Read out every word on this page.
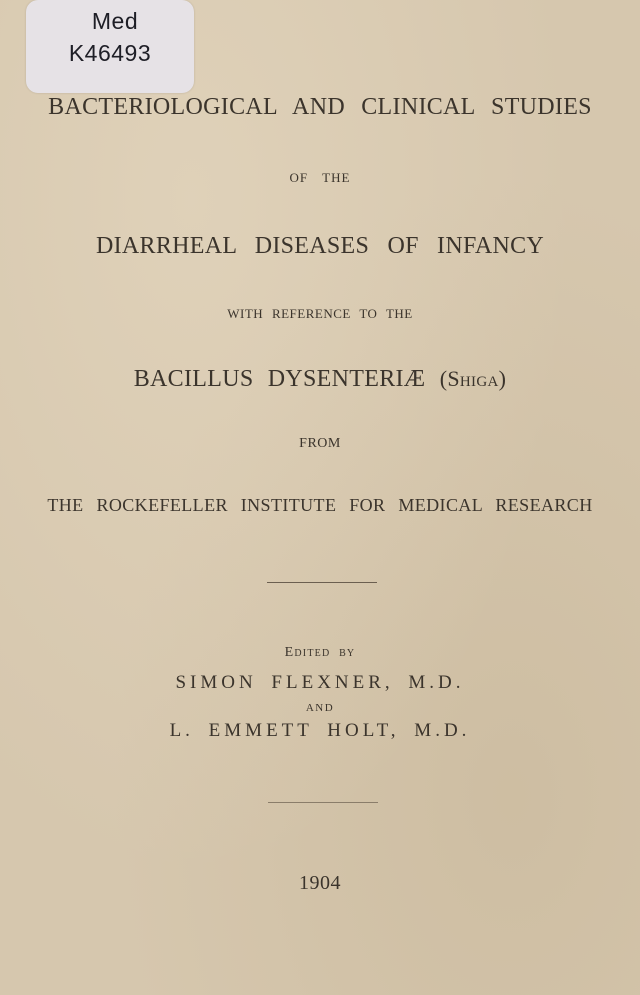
Med
K46493
BACTERIOLOGICAL AND CLINICAL STUDIES
OF THE
DIARRHEAL DISEASES OF INFANCY
WITH REFERENCE TO THE
BACILLUS DYSENTERIÆ (Shiga)
FROM
THE ROCKEFELLER INSTITUTE FOR MEDICAL RESEARCH
Edited by
SIMON FLEXNER, M.D.
AND
L. EMMETT HOLT, M.D.
1904
